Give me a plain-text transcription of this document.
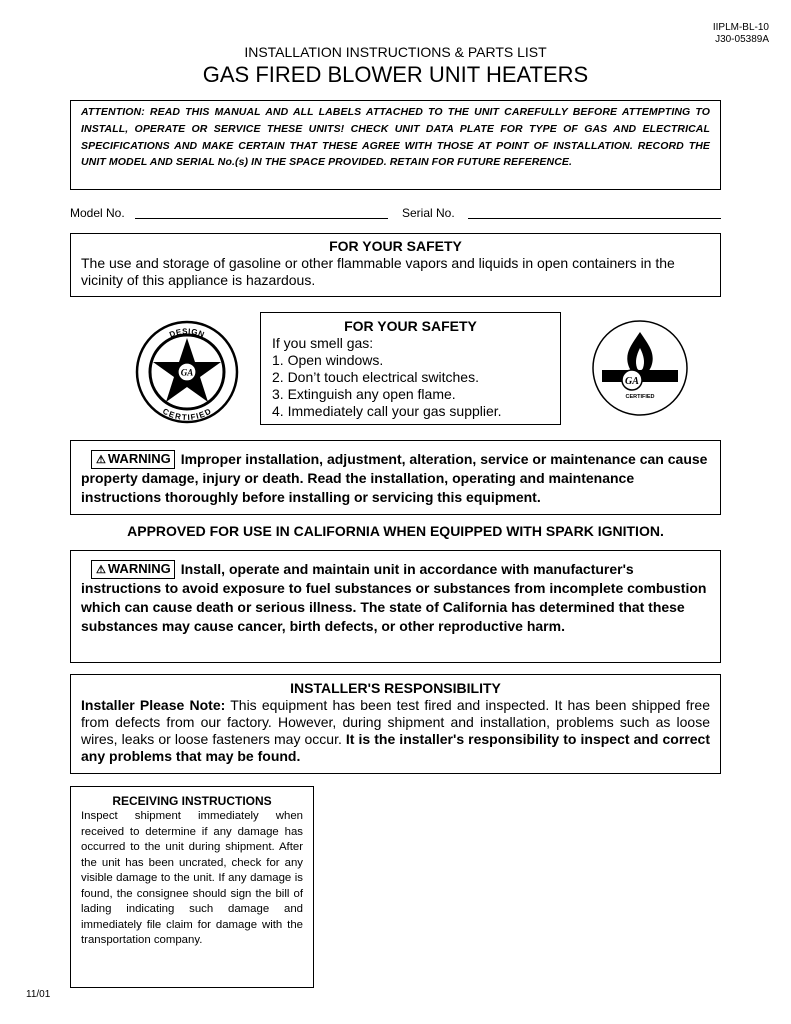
IIPLM-BL-10
J30-05389A
INSTALLATION INSTRUCTIONS & PARTS LIST
GAS FIRED BLOWER UNIT HEATERS
ATTENTION: READ THIS MANUAL AND ALL LABELS ATTACHED TO THE UNIT CAREFULLY BEFORE ATTEMPTING TO INSTALL, OPERATE OR SERVICE THESE UNITS! CHECK UNIT DATA PLATE FOR TYPE OF GAS AND ELECTRICAL SPECIFICATIONS AND MAKE CERTAIN THAT THESE AGREE WITH THOSE AT POINT OF INSTALLATION. RECORD THE UNIT MODEL AND SERIAL No.(s) IN THE SPACE PROVIDED. RETAIN FOR FUTURE REFERENCE.
Model No.	Serial No.
FOR YOUR SAFETY
The use and storage of gasoline or other flammable vapors and liquids in open containers in the vicinity of this appliance is hazardous.
DESIGN
CERTIFIED
GA
FOR YOUR SAFETY
If you smell gas:
1. Open windows.
2. Don’t touch electrical switches.
3. Extinguish any open flame.
4. Immediately call your gas supplier.
GA
CERTIFIED
⚠ WARNING Improper installation, adjustment, alteration, service or maintenance can cause property damage, injury or death. Read the installation, operating and maintenance instructions thoroughly before installing or servicing this equipment.
APPROVED FOR USE IN CALIFORNIA WHEN EQUIPPED WITH SPARK IGNITION.
⚠ WARNING Install, operate and maintain unit in accordance with manufacturer's instructions to avoid exposure to fuel substances or substances from incomplete combustion which can cause death or serious illness. The state of California has determined that these substances may cause cancer, birth defects, or other reproductive harm.
INSTALLER'S RESPONSIBILITY
Installer Please Note: This equipment has been test fired and inspected. It has been shipped free from defects from our factory. However, during shipment and installation, problems such as loose wires, leaks or loose fasteners may occur. It is the installer's responsibility to inspect and correct any problems that may be found.
RECEIVING INSTRUCTIONS
Inspect shipment immediately when received to determine if any damage has occurred to the unit during shipment. After the unit has been uncrated, check for any visible damage to the unit. If any damage is found, the consignee should sign the bill of lading indicating such damage and immediately file claim for damage with the transportation company.
11/01
